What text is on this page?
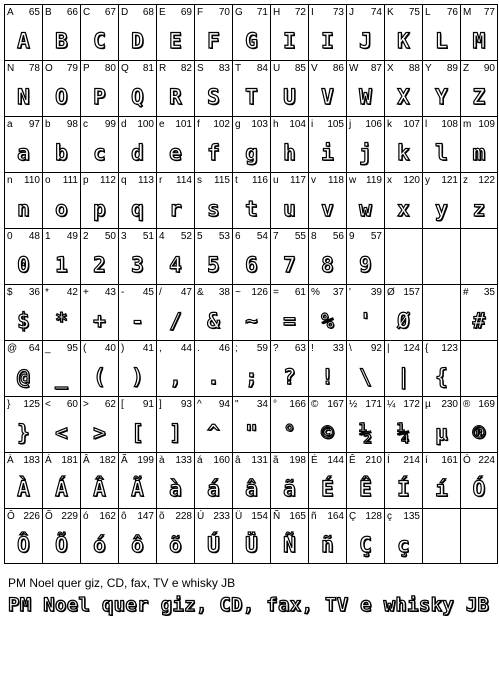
A 65
A
B 66
B
C 67
C
D 68
D
E 69
E
F 70
F
G 71
G
H 72
I
I 73
I
J 74
J
K 75
K
L 76
L
M 77
M
N 78
N
O 79
O
P 80
P
Q 81
Q
R 82
R
S 83
S
T 84
T
U 85
U
V 86
V
W 87
W
X 88
X
Y 89
Y
Z 90
Z
a 97
a
b 98
b
c 99
c
d 100
d
e 101
e
f 102
f
g 103
g
h 104
h
i 105
i
j 106
j
k 107
k
l 108
l
m 109
m
n 110
n
o 111
o
p 112
p
q 113
q
r 114
r
s 115
s
t 116
t
u 117
u
v 118
v
w 119
w
x 120
x
y 121
y
z 122
z
0 48
0
1 49
1
2 50
2
3 51
3
4 52
4
5 53
5
6 54
6
7 55
7
8 56
8
9 57
9
$ 36
$
* 42
*
+ 43
+
- 45
-
/ 47
/
& 38
&
~ 126
~
= 61
=
% 37
%
' 39
'
Ø 157
Ø
# 35
#
@ 64
@
_ 95
_
( 40
(
) 41
)
, 44
,
. 46
.
; 59
;
? 63
?
! 33
!
\ 92
\
| 124
|
{ 123
{
} 125
}
< 60
<
> 62
>
[ 91
[
] 93
]
^ 94
^
" 34
"
° 166
°
© 167
©
½ 171
½
¼ 172
¼
µ 230
µ
® 169
®
À 183
À
Á 181
Á
Â 182
Â
Ã 199
Ã
à 133
à
á 160
á
â 131
â
ã 198
ã
É 144
É
Ê 210
Ê
Í 214
Í
í 161
í
Ó 224
Ó
Ô 226
Ô
Õ 229
Õ
ó 162
ó
ô 147
ô
õ 228
õ
Ú 233
Ú
Ü 154
Ü
Ñ 165
Ñ
ñ 164
ñ
Ç 128
Ç
ç 135
ç
PM Noel quer giz, CD, fax, TV e whisky JB
PM Noel quer giz, CD, fax, TV e whisky JB
